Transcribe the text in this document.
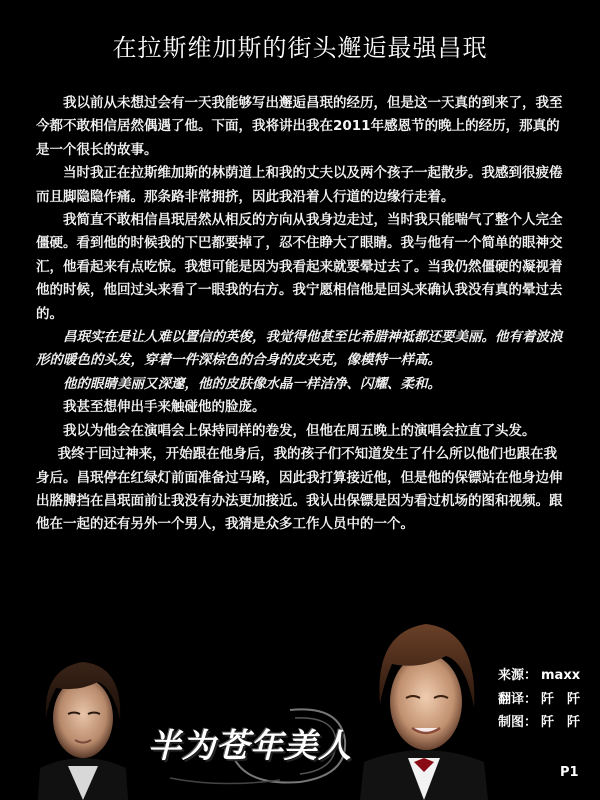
在拉斯维加斯的街头邂逅最强昌珉

我以前从未想过会有一天我能够写出邂逅昌珉的经历，但是这一天真的到来了，我至今都不敢相信居然偶遇了他。下面，我将讲出我在2011年感恩节的晚上的经历，那真的是一个很长的故事。

当时我正在拉斯维加斯的林荫道上和我的丈夫以及两个孩子一起散步。我感到很疲倦而且脚隐隐作痛。那条路非常拥挤，因此我沿着人行道的边缘行走着。

我简直不敢相信昌珉居然从相反的方向从我身边走过，当时我只能喘气了整个人完全僵硬。看到他的时候我的下巴都要掉了，忍不住睁大了眼睛。我与他有一个简单的眼神交汇，他看起来有点吃惊。我想可能是因为我看起来就要晕过去了。当我仍然僵硬的凝视着他的时候，他回过头来看了一眼我的右方。我宁愿相信他是回头来确认我没有真的晕过去的。

昌珉实在是让人难以置信的英俊，我觉得他甚至比希腊神祗都还要美丽。他有着波浪形的暖色的头发，穿着一件深棕色的合身的皮夹克，像模特一样高。

他的眼睛美丽又深邃，他的皮肤像水晶一样洁净、闪耀、柔和。

我甚至想伸出手来触碰他的脸庞。

我以为他会在演唱会上保持同样的卷发，但他在周五晚上的演唱会拉直了头发。

我终于回过神来，开始跟在他身后，我的孩子们不知道发生了什么所以他们也跟在我身后。昌珉停在红绿灯前面准备过马路，因此我打算接近他，但是他的保镖站在他身边伸出胳膊挡在昌珉面前让我没有办法更加接近。我认出保镖是因为看过机场的图和视频。跟他在一起的还有另外一个男人，我猜是众多工作人员中的一个。

半为苍年美人
来源： maxx
翻译： 阡　阡
制图： 阡　阡
P1
